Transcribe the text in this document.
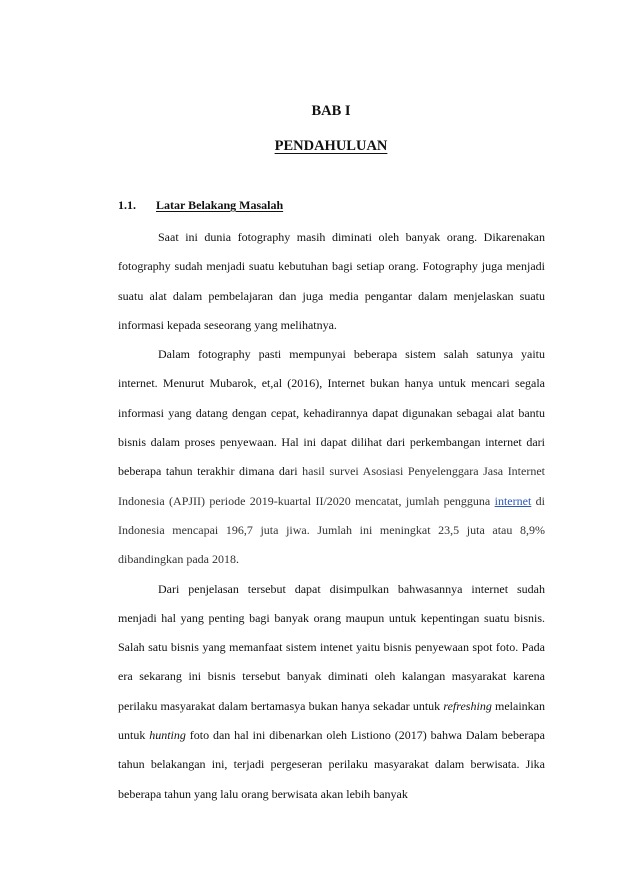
BAB I
PENDAHULUAN
1.1. Latar Belakang Masalah

Saat ini dunia fotography masih diminati oleh banyak orang. Dikarenakan fotography sudah menjadi suatu kebutuhan bagi setiap orang. Fotography juga menjadi suatu alat dalam pembelajaran dan juga media pengantar dalam menjelaskan suatu informasi kepada seseorang yang melihatnya.

Dalam fotography pasti mempunyai beberapa sistem salah satunya yaitu internet. Menurut Mubarok, et,al (2016), Internet bukan hanya untuk mencari segala informasi yang datang dengan cepat, kehadirannya dapat digunakan sebagai alat bantu bisnis dalam proses penyewaan. Hal ini dapat dilihat dari perkembangan internet dari beberapa tahun terakhir dimana dari hasil survei Asosiasi Penyelenggara Jasa Internet Indonesia (APJII) periode 2019-kuartal II/2020 mencatat, jumlah pengguna internet di Indonesia mencapai 196,7 juta jiwa. Jumlah ini meningkat 23,5 juta atau 8,9% dibandingkan pada 2018.

Dari penjelasan tersebut dapat disimpulkan bahwasannya internet sudah menjadi hal yang penting bagi banyak orang maupun untuk kepentingan suatu bisnis. Salah satu bisnis yang memanfaat sistem intenet yaitu bisnis penyewaan spot foto. Pada era sekarang ini bisnis tersebut banyak diminati oleh kalangan masyarakat karena perilaku masyarakat dalam bertamasya bukan hanya sekadar untuk refreshing melainkan untuk hunting foto dan hal ini dibenarkan oleh Listiono (2017) bahwa Dalam beberapa tahun belakangan ini, terjadi pergeseran perilaku masyarakat dalam berwisata. Jika beberapa tahun yang lalu orang berwisata akan lebih banyak
